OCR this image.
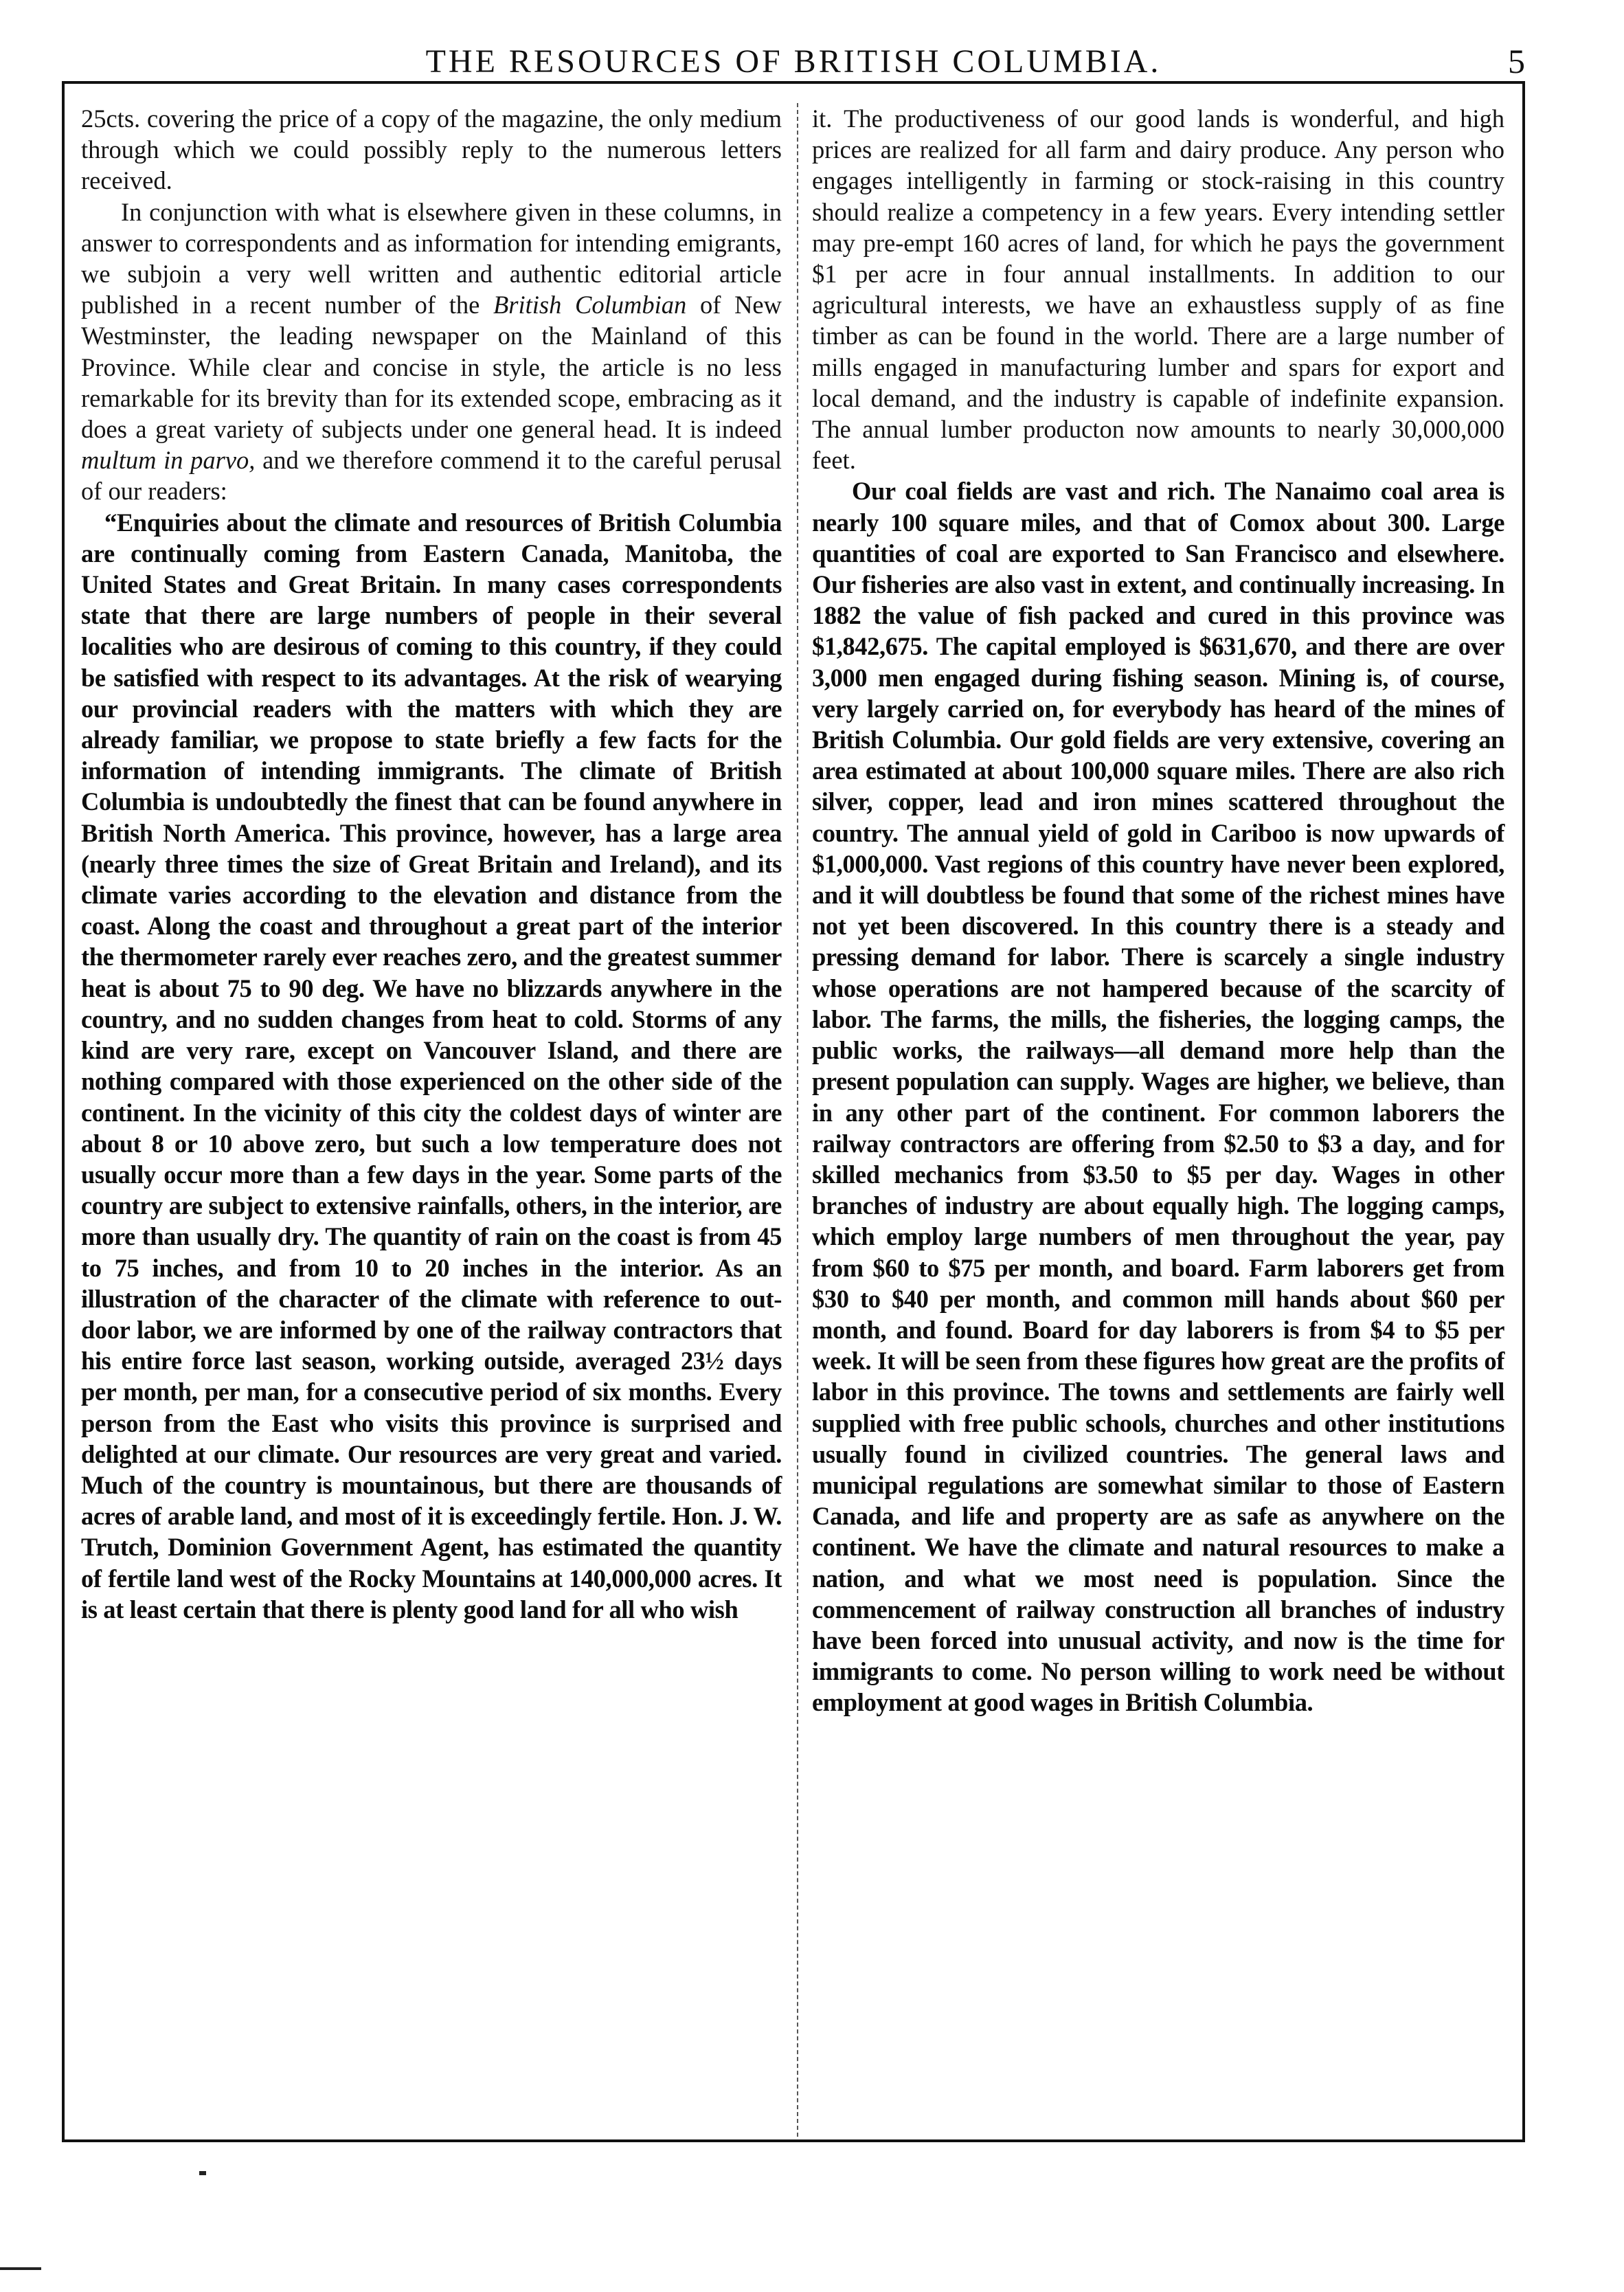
THE RESOURCES OF BRITISH COLUMBIA.	5

25cts. covering the price of a copy of the magazine, the only medium through which we could possibly reply to the numerous letters received.

In conjunction with what is elsewhere given in these columns, in answer to correspondents and as information for intending emigrants, we subjoin a very well written and authentic editorial article published in a recent number of the British Columbian of New Westminster, the leading newspaper on the Mainland of this Province. While clear and concise in style, the article is no less remarkable for its brevity than for its extended scope, embracing as it does a great variety of subjects under one general head. It is indeed multum in parvo, and we therefore commend it to the careful perusal of our readers:

“Enquiries about the climate and resources of British Columbia are continually coming from Eastern Canada, Manitoba, the United States and Great Britain. In many cases correspondents state that there are large numbers of people in their several localities who are desirous of coming to this country, if they could be satisfied with respect to its advantages. At the risk of wearying our provincial readers with the matters with which they are already familiar, we propose to state briefly a few facts for the information of intending immigrants. The climate of British Columbia is undoubtedly the finest that can be found anywhere in British North America. This province, however, has a large area (nearly three times the size of Great Britain and Ireland), and its climate varies according to the elevation and distance from the coast. Along the coast and throughout a great part of the interior the thermometer rarely ever reaches zero, and the greatest summer heat is about 75 to 90 deg. We have no blizzards anywhere in the country, and no sudden changes from heat to cold. Storms of any kind are very rare, except on Vancouver Island, and there are nothing compared with those experienced on the other side of the continent. In the vicinity of this city the coldest days of winter are about 8 or 10 above zero, but such a low temperature does not usually occur more than a few days in the year. Some parts of the country are subject to extensive rainfalls, others, in the interior, are more than usually dry. The quantity of rain on the coast is from 45 to 75 inches, and from 10 to 20 inches in the interior. As an illustration of the character of the climate with reference to out-door labor, we are informed by one of the railway contractors that his entire force last season, working outside, averaged 23½ days per month, per man, for a consecutive period of six months. Every person from the East who visits this province is surprised and delighted at our climate. Our resources are very great and varied. Much of the country is mountainous, but there are thousands of acres of arable land, and most of it is exceedingly fertile. Hon. J. W. Trutch, Dominion Government Agent, has estimated the quantity of fertile land west of the Rocky Mountains at 140,000,000 acres. It is at least certain that there is plenty good land for all who wish

it. The productiveness of our good lands is wonderful, and high prices are realized for all farm and dairy produce. Any person who engages intelligently in farming or stock-raising in this country should realize a competency in a few years. Every intending settler may pre-empt 160 acres of land, for which he pays the government $1 per acre in four annual installments. In addition to our agricultural interests, we have an exhaustless supply of as fine timber as can be found in the world. There are a large number of mills engaged in manufacturing lumber and spars for export and local demand, and the industry is capable of indefinite expansion. The annual lumber producton now amounts to nearly 30,000,000 feet.

Our coal fields are vast and rich. The Nanaimo coal area is nearly 100 square miles, and that of Comox about 300. Large quantities of coal are exported to San Francisco and elsewhere. Our fisheries are also vast in extent, and continually increasing. In 1882 the value of fish packed and cured in this province was $1,842,675. The capital employed is $631,670, and there are over 3,000 men engaged during fishing season. Mining is, of course, very largely carried on, for everybody has heard of the mines of British Columbia. Our gold fields are very extensive, covering an area estimated at about 100,000 square miles. There are also rich silver, copper, lead and iron mines scattered throughout the country. The annual yield of gold in Cariboo is now upwards of $1,000,000. Vast regions of this country have never been explored, and it will doubtless be found that some of the richest mines have not yet been discovered. In this country there is a steady and pressing demand for labor. There is scarcely a single industry whose operations are not hampered because of the scarcity of labor. The farms, the mills, the fisheries, the logging camps, the public works, the railways—all demand more help than the present population can supply. Wages are higher, we believe, than in any other part of the continent. For common laborers the railway contractors are offering from $2.50 to $3 a day, and for skilled mechanics from $3.50 to $5 per day. Wages in other branches of industry are about equally high. The logging camps, which employ large numbers of men throughout the year, pay from $60 to $75 per month, and board. Farm laborers get from $30 to $40 per month, and common mill hands about $60 per month, and found. Board for day laborers is from $4 to $5 per week. It will be seen from these figures how great are the profits of labor in this province. The towns and settlements are fairly well supplied with free public schools, churches and other institutions usually found in civilized countries. The general laws and municipal regulations are somewhat similar to those of Eastern Canada, and life and property are as safe as anywhere on the continent. We have the climate and natural resources to make a nation, and what we most need is population. Since the commencement of railway construction all branches of industry have been forced into unusual activity, and now is the time for immigrants to come. No person willing to work need be without employment at good wages in British Columbia.
